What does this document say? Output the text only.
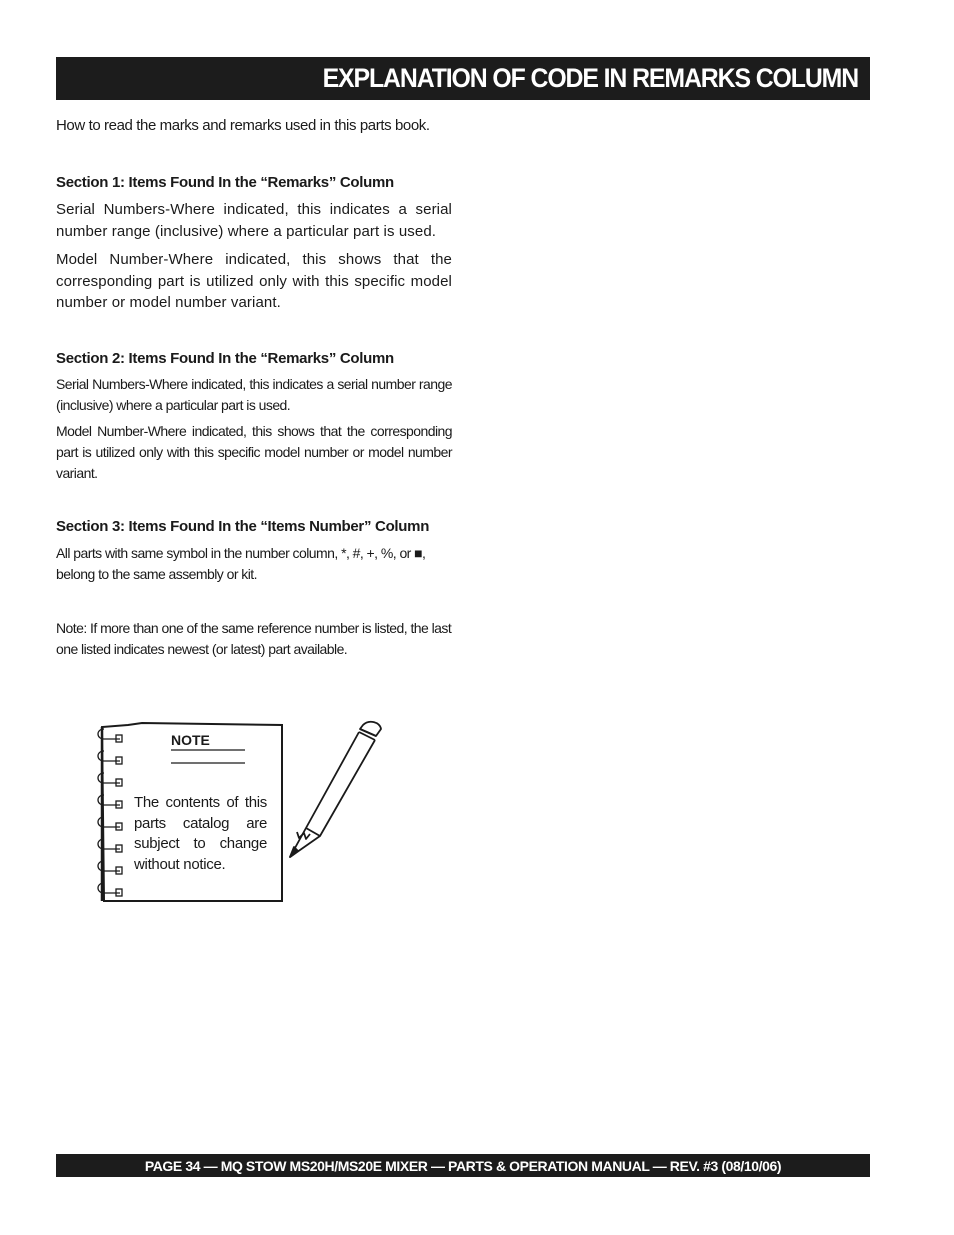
EXPLANATION OF CODE IN REMARKS COLUMN

How to read the marks and remarks used in this parts book.

Section 1: Items Found In the “Remarks” Column

Serial Numbers-Where indicated, this indicates a serial number range (inclusive) where a particular part is used.

Model Number-Where indicated, this shows that the corresponding part is utilized only with this specific model number or model number variant.

Section 2: Items Found In the “Remarks” Column

Serial Numbers-Where indicated, this indicates a serial number range (inclusive) where a particular part is used.

Model Number-Where indicated, this shows that the corresponding part is utilized only with this specific model number or model number variant.

Section 3: Items Found In the “Items Number” Column

All parts with same symbol in the number column, *, #, +, %, or ■, belong to the same assembly or kit.

Note: If more than one of the same reference number is listed, the last one listed indicates newest (or latest) part available.

NOTE
The contents of this parts catalog are subject to change without notice.
PAGE 34 — MQ STOW MS20H/MS20E MIXER — PARTS & OPERATION MANUAL — REV. #3 (08/10/06)
